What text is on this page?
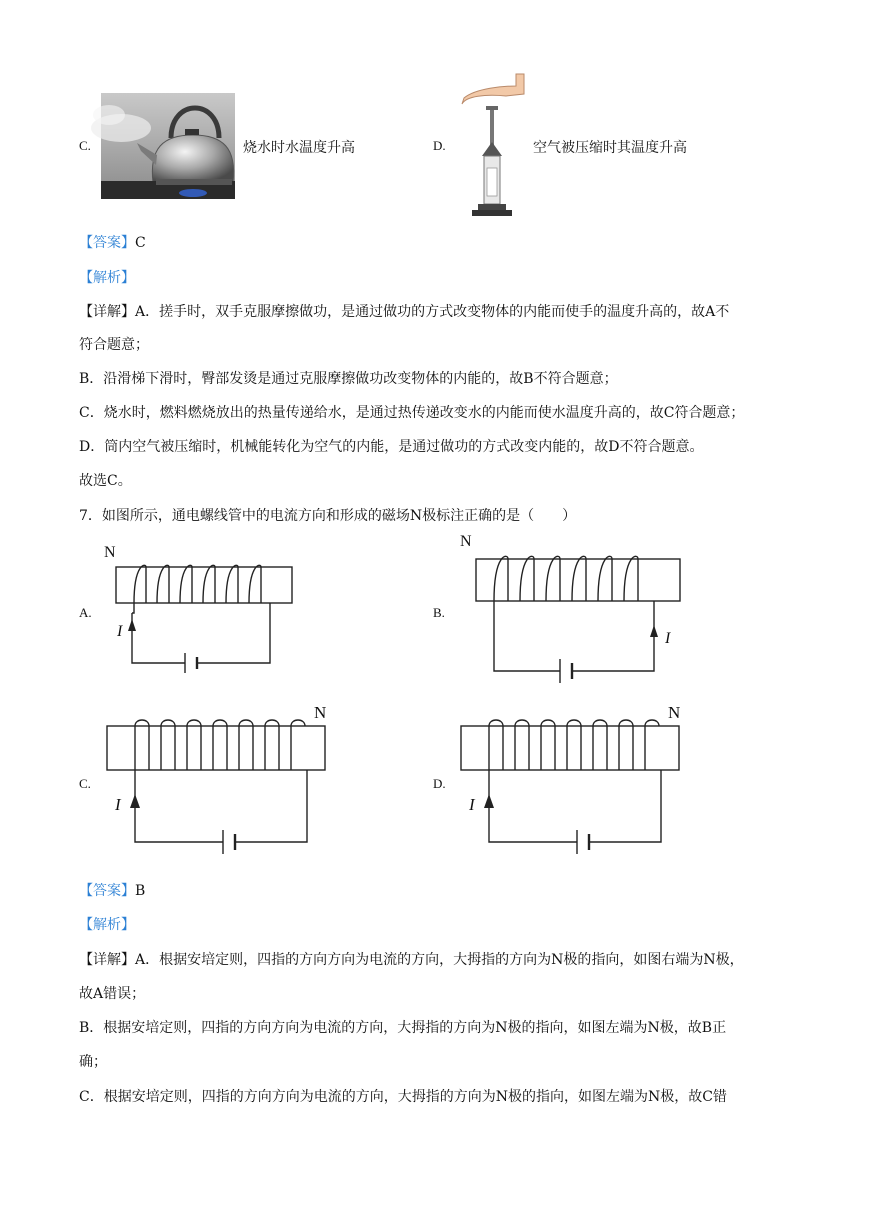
C.	烧水时水温度升高	D.	空气被压缩时其温度升高
【答案】C
【解析】
【详解】A．搓手时，双手克服摩擦做功，是通过做功的方式改变物体的内能而使手的温度升高的，故A不
符合题意；
B．沿滑梯下滑时，臀部发烫是通过克服摩擦做功改变物体的内能的，故B不符合题意；
C．烧水时，燃料燃烧放出的热量传递给水，是通过热传递改变水的内能而使水温度升高的，故C符合题意；
D．筒内空气被压缩时，机械能转化为空气的内能，是通过做功的方式改变内能的，故D不符合题意。
故选C。
7．如图所示，通电螺线管中的电流方向和形成的磁场N极标注正确的是（　　）
A.
N
I
B.
N
I
C.
N
I
D.
N
I
【答案】B
【解析】
【详解】A．根据安培定则，四指的方向方向为电流的方向，大拇指的方向为N极的指向，如图右端为N极，
故A错误；
B．根据安培定则，四指的方向方向为电流的方向，大拇指的方向为N极的指向，如图左端为N极，故B正
确；
C．根据安培定则，四指的方向方向为电流的方向，大拇指的方向为N极的指向，如图左端为N极，故C错
